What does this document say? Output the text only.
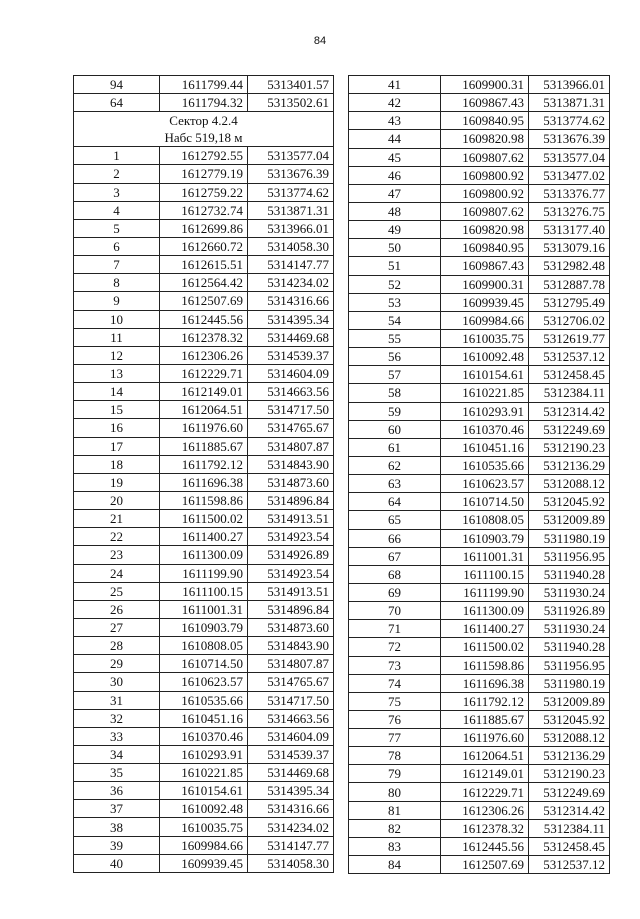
84
94	1611799.44	5313401.57
64	1611794.32	5313502.61

Сектор 4.2.4
Набс 519,18 м		

1	1612792.55	5313577.04
2	1612779.19	5313676.39
3	1612759.22	5313774.62
4	1612732.74	5313871.31
5	1612699.86	5313966.01
6	1612660.72	5314058.30
7	1612615.51	5314147.77
8	1612564.42	5314234.02
9	1612507.69	5314316.66
10	1612445.56	5314395.34
11	1612378.32	5314469.68
12	1612306.26	5314539.37
13	1612229.71	5314604.09
14	1612149.01	5314663.56
15	1612064.51	5314717.50
16	1611976.60	5314765.67
17	1611885.67	5314807.87
18	1611792.12	5314843.90
19	1611696.38	5314873.60
20	1611598.86	5314896.84
21	1611500.02	5314913.51
22	1611400.27	5314923.54
23	1611300.09	5314926.89
24	1611199.90	5314923.54
25	1611100.15	5314913.51
26	1611001.31	5314896.84
27	1610903.79	5314873.60
28	1610808.05	5314843.90
29	1610714.50	5314807.87
30	1610623.57	5314765.67
31	1610535.66	5314717.50
32	1610451.16	5314663.56
33	1610370.46	5314604.09
34	1610293.91	5314539.37
35	1610221.85	5314469.68
36	1610154.61	5314395.34
37	1610092.48	5314316.66
38	1610035.75	5314234.02
39	1609984.66	5314147.77
40	1609939.45	5314058.30
41	1609900.31	5313966.01
42	1609867.43	5313871.31
43	1609840.95	5313774.62
44	1609820.98	5313676.39
45	1609807.62	5313577.04
46	1609800.92	5313477.02
47	1609800.92	5313376.77
48	1609807.62	5313276.75
49	1609820.98	5313177.40
50	1609840.95	5313079.16
51	1609867.43	5312982.48
52	1609900.31	5312887.78
53	1609939.45	5312795.49
54	1609984.66	5312706.02
55	1610035.75	5312619.77
56	1610092.48	5312537.12
57	1610154.61	5312458.45
58	1610221.85	5312384.11
59	1610293.91	5312314.42
60	1610370.46	5312249.69
61	1610451.16	5312190.23
62	1610535.66	5312136.29
63	1610623.57	5312088.12
64	1610714.50	5312045.92
65	1610808.05	5312009.89
66	1610903.79	5311980.19
67	1611001.31	5311956.95
68	1611100.15	5311940.28
69	1611199.90	5311930.24
70	1611300.09	5311926.89
71	1611400.27	5311930.24
72	1611500.02	5311940.28
73	1611598.86	5311956.95
74	1611696.38	5311980.19
75	1611792.12	5312009.89
76	1611885.67	5312045.92
77	1611976.60	5312088.12
78	1612064.51	5312136.29
79	1612149.01	5312190.23
80	1612229.71	5312249.69
81	1612306.26	5312314.42
82	1612378.32	5312384.11
83	1612445.56	5312458.45
84	1612507.69	5312537.12
